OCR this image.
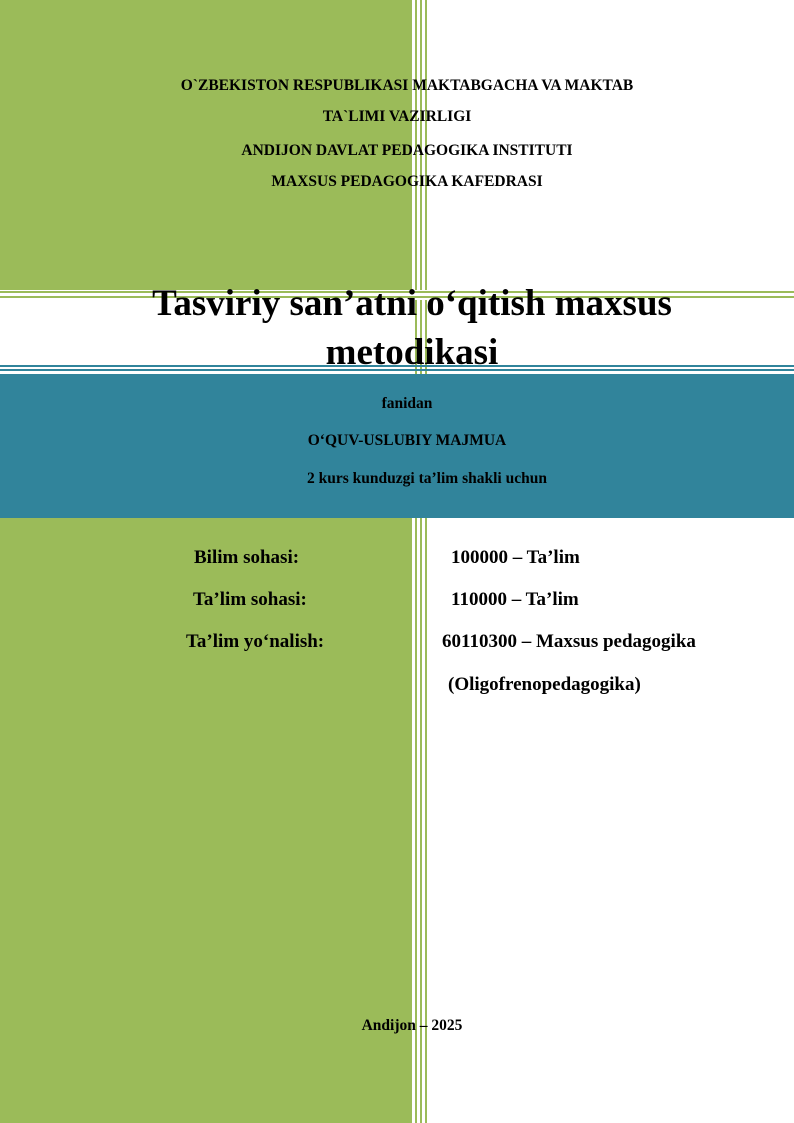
O`ZBEKISTON RESPUBLIKASI MAKTABGACHA VA MAKTAB
TA`LIMI VAZIRLIGI
ANDIJON DAVLAT PEDAGOGIKA INSTITUTI
MAXSUS PEDAGOGIKA KAFEDRASI
Tasviriy san’atni o‘qitish maxsus
metodikasi
fanidan
O‘QUV-USLUBIY MAJMUA
2 kurs kunduzgi ta’lim shakli uchun
Bilim sohasi:	100000 – Ta’lim
Ta’lim sohasi:	110000 – Ta’lim
Ta’lim yo‘nalish:	60110300 – Maxsus pedagogika
(Oligofrenopedagogika)
Andijon – 2025
